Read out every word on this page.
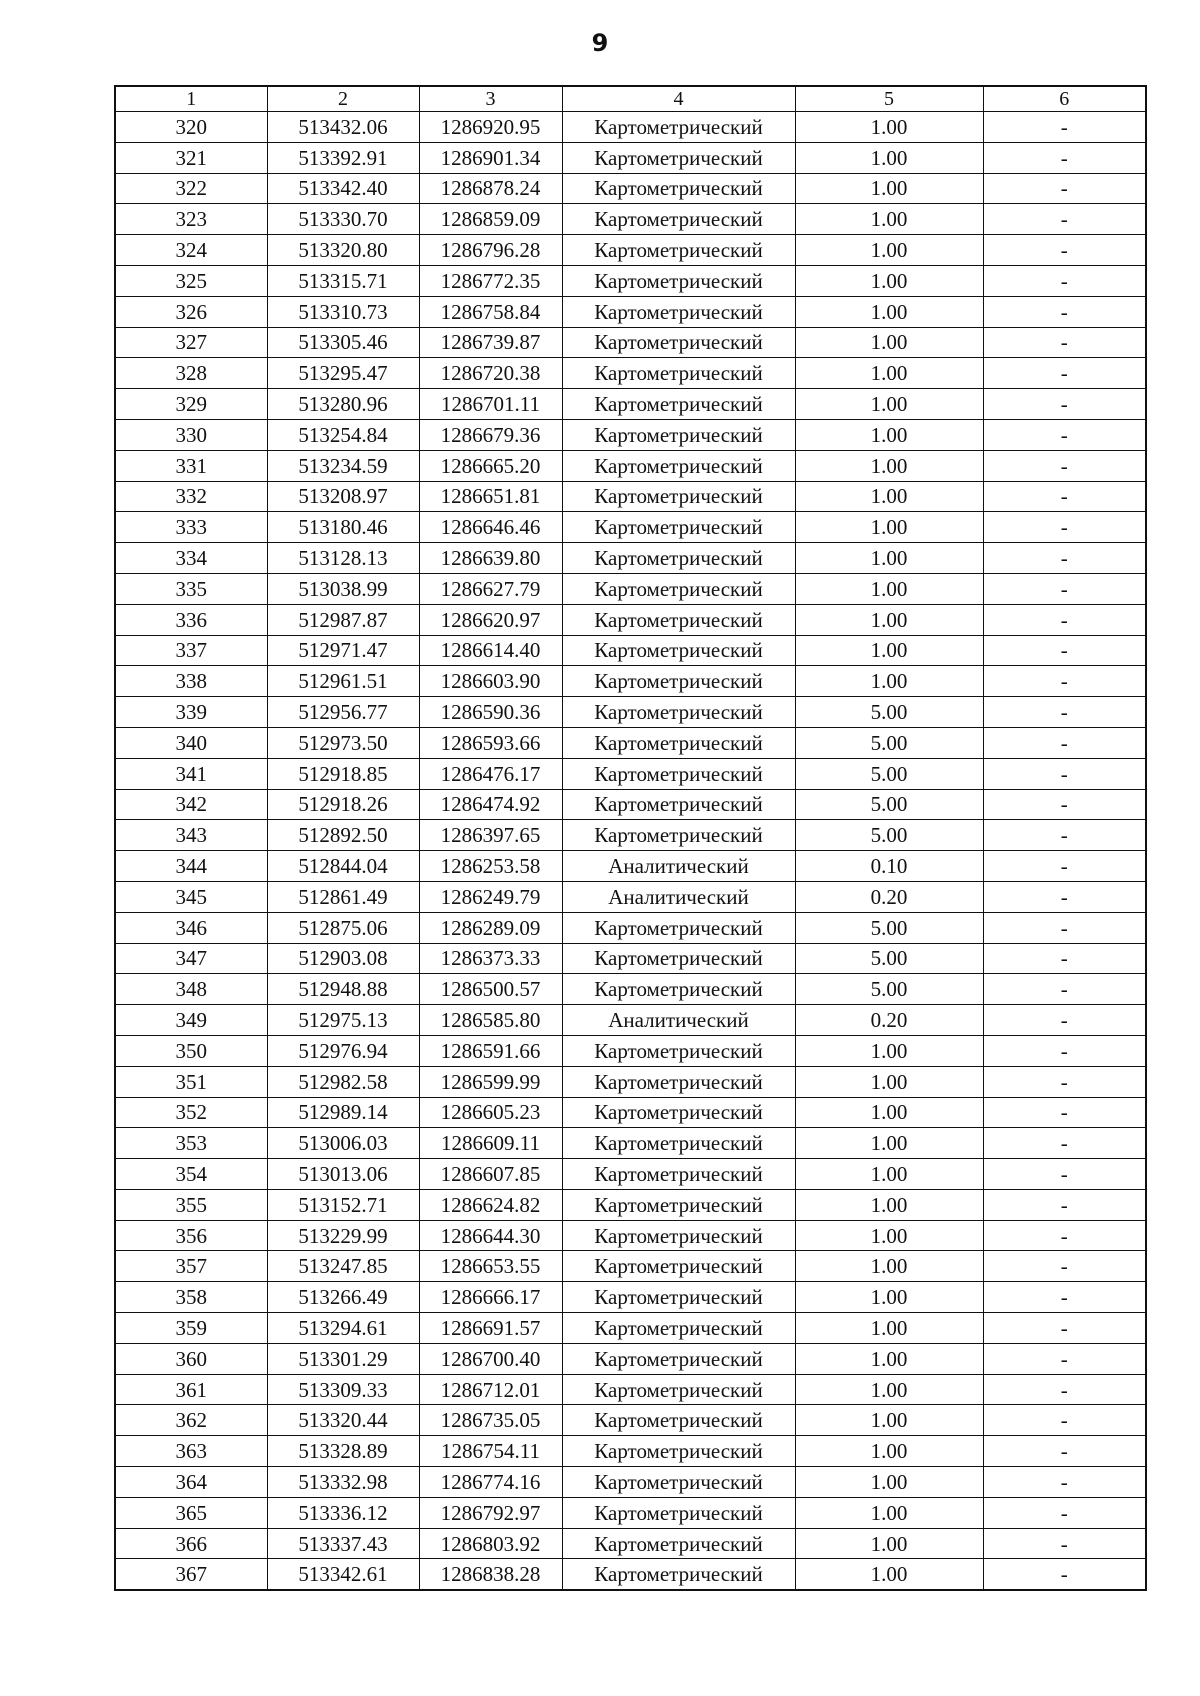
9
1	2	3	4	5	6
320	513432.06	1286920.95	Картометрический	1.00	-
321	513392.91	1286901.34	Картометрический	1.00	-
322	513342.40	1286878.24	Картометрический	1.00	-
323	513330.70	1286859.09	Картометрический	1.00	-
324	513320.80	1286796.28	Картометрический	1.00	-
325	513315.71	1286772.35	Картометрический	1.00	-
326	513310.73	1286758.84	Картометрический	1.00	-
327	513305.46	1286739.87	Картометрический	1.00	-
328	513295.47	1286720.38	Картометрический	1.00	-
329	513280.96	1286701.11	Картометрический	1.00	-
330	513254.84	1286679.36	Картометрический	1.00	-
331	513234.59	1286665.20	Картометрический	1.00	-
332	513208.97	1286651.81	Картометрический	1.00	-
333	513180.46	1286646.46	Картометрический	1.00	-
334	513128.13	1286639.80	Картометрический	1.00	-
335	513038.99	1286627.79	Картометрический	1.00	-
336	512987.87	1286620.97	Картометрический	1.00	-
337	512971.47	1286614.40	Картометрический	1.00	-
338	512961.51	1286603.90	Картометрический	1.00	-
339	512956.77	1286590.36	Картометрический	5.00	-
340	512973.50	1286593.66	Картометрический	5.00	-
341	512918.85	1286476.17	Картометрический	5.00	-
342	512918.26	1286474.92	Картометрический	5.00	-
343	512892.50	1286397.65	Картометрический	5.00	-
344	512844.04	1286253.58	Аналитический	0.10	-
345	512861.49	1286249.79	Аналитический	0.20	-
346	512875.06	1286289.09	Картометрический	5.00	-
347	512903.08	1286373.33	Картометрический	5.00	-
348	512948.88	1286500.57	Картометрический	5.00	-
349	512975.13	1286585.80	Аналитический	0.20	-
350	512976.94	1286591.66	Картометрический	1.00	-
351	512982.58	1286599.99	Картометрический	1.00	-
352	512989.14	1286605.23	Картометрический	1.00	-
353	513006.03	1286609.11	Картометрический	1.00	-
354	513013.06	1286607.85	Картометрический	1.00	-
355	513152.71	1286624.82	Картометрический	1.00	-
356	513229.99	1286644.30	Картометрический	1.00	-
357	513247.85	1286653.55	Картометрический	1.00	-
358	513266.49	1286666.17	Картометрический	1.00	-
359	513294.61	1286691.57	Картометрический	1.00	-
360	513301.29	1286700.40	Картометрический	1.00	-
361	513309.33	1286712.01	Картометрический	1.00	-
362	513320.44	1286735.05	Картометрический	1.00	-
363	513328.89	1286754.11	Картометрический	1.00	-
364	513332.98	1286774.16	Картометрический	1.00	-
365	513336.12	1286792.97	Картометрический	1.00	-
366	513337.43	1286803.92	Картометрический	1.00	-
367	513342.61	1286838.28	Картометрический	1.00	-
